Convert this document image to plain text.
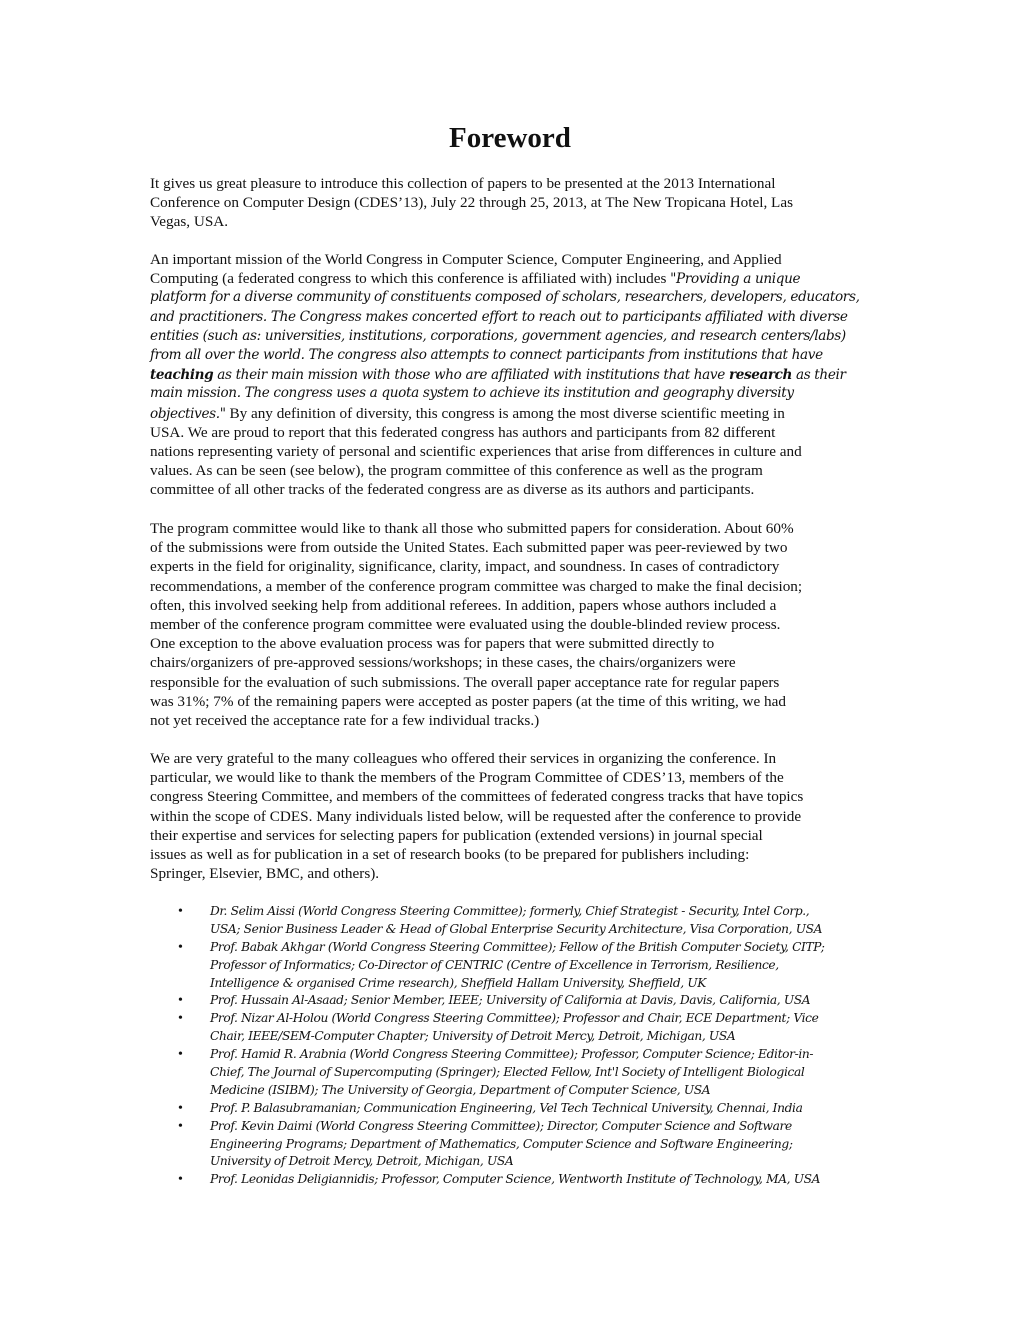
Foreword
It gives us great pleasure to introduce this collection of papers to be presented at the 2013 International
Conference on Computer Design (CDES’13), July 22 through 25, 2013, at The New Tropicana Hotel, Las
Vegas, USA.
An important mission of the World Congress in Computer Science, Computer Engineering, and Applied
Computing (a federated congress to which this conference is affiliated with) includes "Providing a unique
platform for a diverse community of constituents composed of scholars, researchers, developers, educators,
and practitioners. The Congress makes concerted effort to reach out to participants affiliated with diverse
entities (such as: universities, institutions, corporations, government agencies, and research centers/labs)
from all over the world. The congress also attempts to connect participants from institutions that have
teaching as their main mission with those who are affiliated with institutions that have research as their
main mission. The congress uses a quota system to achieve its institution and geography diversity
objectives." By any definition of diversity, this congress is among the most diverse scientific meeting in
USA. We are proud to report that this federated congress has authors and participants from 82 different
nations representing variety of personal and scientific experiences that arise from differences in culture and
values. As can be seen (see below), the program committee of this conference as well as the program
committee of all other tracks of the federated congress are as diverse as its authors and participants.
The program committee would like to thank all those who submitted papers for consideration. About 60%
of the submissions were from outside the United States. Each submitted paper was peer-reviewed by two
experts in the field for originality, significance, clarity, impact, and soundness. In cases of contradictory
recommendations, a member of the conference program committee was charged to make the final decision;
often, this involved seeking help from additional referees. In addition, papers whose authors included a
member of the conference program committee were evaluated using the double-blinded review process.
One exception to the above evaluation process was for papers that were submitted directly to
chairs/organizers of pre-approved sessions/workshops; in these cases, the chairs/organizers were
responsible for the evaluation of such submissions. The overall paper acceptance rate for regular papers
was 31%; 7% of the remaining papers were accepted as poster papers (at the time of this writing, we had
not yet received the acceptance rate for a few individual tracks.)
We are very grateful to the many colleagues who offered their services in organizing the conference. In
particular, we would like to thank the members of the Program Committee of CDES’13, members of the
congress Steering Committee, and members of the committees of federated congress tracks that have topics
within the scope of CDES. Many individuals listed below, will be requested after the conference to provide
their expertise and services for selecting papers for publication (extended versions) in journal special
issues as well as for publication in a set of research books (to be prepared for publishers including:
Springer, Elsevier, BMC, and others).
• Dr. Selim Aissi (World Congress Steering Committee); formerly, Chief Strategist - Security, Intel Corp.,
USA; Senior Business Leader & Head of Global Enterprise Security Architecture, Visa Corporation, USA
• Prof. Babak Akhgar (World Congress Steering Committee); Fellow of the British Computer Society, CITP;
Professor of Informatics; Co-Director of CENTRIC (Centre of Excellence in Terrorism, Resilience,
Intelligence & organised Crime research), Sheffield Hallam University, Sheffield, UK
• Prof. Hussain Al-Asaad; Senior Member, IEEE; University of California at Davis, Davis, California, USA
• Prof. Nizar Al-Holou (World Congress Steering Committee); Professor and Chair, ECE Department; Vice
Chair, IEEE/SEM-Computer Chapter; University of Detroit Mercy, Detroit, Michigan, USA
• Prof. Hamid R. Arabnia (World Congress Steering Committee); Professor, Computer Science; Editor-in-
Chief, The Journal of Supercomputing (Springer); Elected Fellow, Int'l Society of Intelligent Biological
Medicine (ISIBM); The University of Georgia, Department of Computer Science, USA
• Prof. P. Balasubramanian; Communication Engineering, Vel Tech Technical University, Chennai, India
• Prof. Kevin Daimi (World Congress Steering Committee); Director, Computer Science and Software
Engineering Programs; Department of Mathematics, Computer Science and Software Engineering;
University of Detroit Mercy, Detroit, Michigan, USA
• Prof. Leonidas Deligiannidis; Professor, Computer Science, Wentworth Institute of Technology, MA, USA
